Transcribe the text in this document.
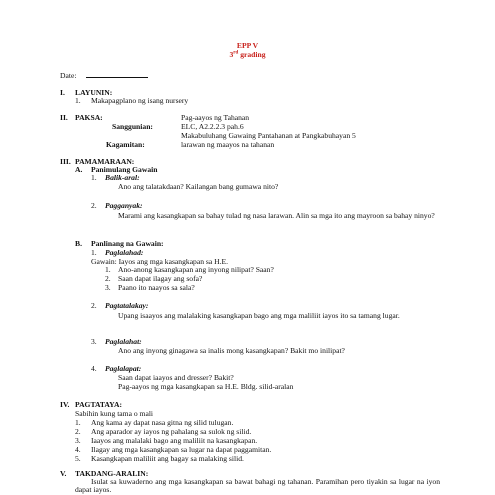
EPP V
3rd grading
Date:
I. LAYUNIN:
1. Makapagplano ng isang nursery
II. PAKSA:	Pag-aayos ng Tahanan
Sanggunian:	ELC, A2.2.2.3 pah.6
Makabuluhang Gawaing Pantahanan at Pangkabuhayan 5
Kagamitan:	larawan ng maayos na tahanan
III. PAMAMARAAN:
A. Panimulang Gawain
1. Balik-aral:
Ano ang talatakdaan? Kailangan bang gumawa nito?
2. Pagganyak:
Marami ang kasangkapan sa bahay tulad ng nasa larawan. Alin sa mga ito ang mayroon sa bahay ninyo?
B. Panlinang na Gawain:
1. Paglalahad:
Gawain: Iayos ang mga kasangkapan sa H.E.
1. Ano-anong kasangkapan ang inyong nilipat? Saan?
2. Saan dapat ilagay ang sofa?
3. Paano ito naayos sa sala?
2. Pagtatalakay:
Upang isaayos ang malalaking kasangkapan bago ang mga maliliit iayos ito sa tamang lugar.
3. Paglalahat:
Ano ang inyong ginagawa sa inalis mong kasangkapan? Bakit mo inilipat?
4. Paglalapat:
Saan dapat iaayos and dresser? Bakit?
Pag-aayos ng mga kasangkapan sa H.E. Bldg. silid-aralan
IV. PAGTATAYA:
Sabihin kung tama o mali
1. Ang kama ay dapat nasa gitna ng silid tulugan.
2. Ang aparador ay iayos ng pahalang sa sulok ng silid.
3. Iaayos ang malalaki bago ang maliliit na kasangkapan.
4. Ilagay ang mga kasangkapan sa lugar na dapat paggamitan.
5. Kasangkapan maliliit ang bagay sa malaking silid.
V. TAKDANG-ARALIN:
Isulat sa kuwaderno ang mga kasangkapan sa bawat bahagi ng tahanan. Paramihan pero tiyakin sa lugar na iyon dapat iayos.
